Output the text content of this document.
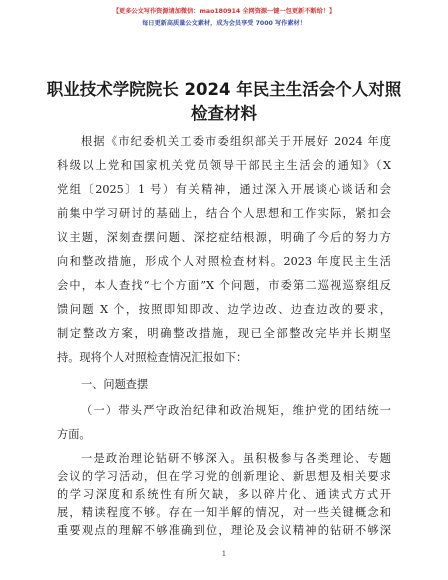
【更多公文写作资源请加微信：mao180914 全网资源一键一包更新不断给！】
每日更新高质量公文素材，成为会员享受 7000 写作素材！
职业技术学院院长 2024 年民主生活会个人对照
检查材料
根据《市纪委机关工委市委组织部关于开展好 2024 年度
科级以上党和国家机关党员领导干部民主生活会的通知》（X
党组〔2025〕1 号）有关精神，通过深入开展谈心谈话和会
前集中学习研讨的基础上，结合个人思想和工作实际，紧扣会
议主题，深刻查摆问题、深挖症结根源，明确了今后的努力方
向和整改措施，形成个人对照检查材料。2023 年度民主生活
会中，本人查找“七个方面”X 个问题，市委第二巡视巡察组反
馈问题 X 个，按照即知即改、边学边改、边查边改的要求，
制定整改方案，明确整改措施，现已全部整改完毕并长期坚
持。现将个人对照检查情况汇报如下：
一、问题查摆
（一）带头严守政治纪律和政治规矩，维护党的团结统一
方面。
一是政治理论钻研不够深入。虽积极参与各类理论、专题
会议的学习活动，但在学习党的创新理论、新思想及相关要求
的学习深度和系统性有所欠缺，多以碎片化、通读式方式开
展，精读程度不够。存在一知半解的情况，对一些关键概念和
重要观点的理解不够准确到位，理论及会议精神的钻研不够深
1
